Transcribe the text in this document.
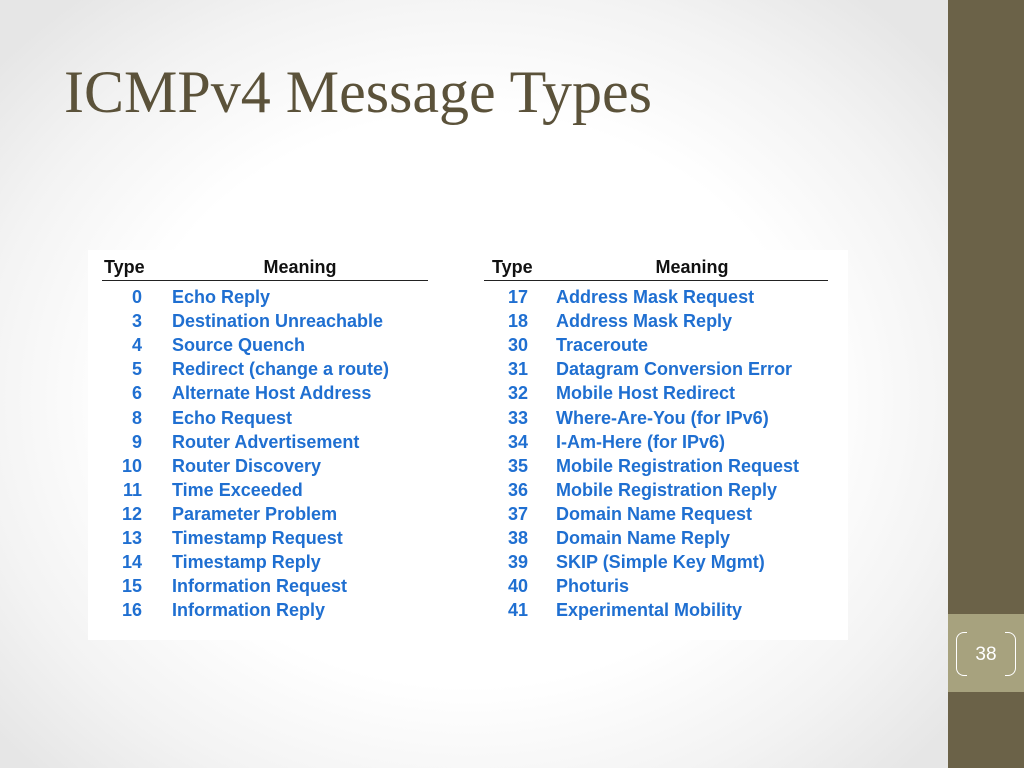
ICMPv4 Message Types
38
Type	Meaning
0	Echo Reply
3	Destination Unreachable
4	Source Quench
5	Redirect (change a route)
6	Alternate Host Address
8	Echo Request
9	Router Advertisement
10	Router Discovery
11	Time Exceeded
12	Parameter Problem
13	Timestamp Request
14	Timestamp Reply
15	Information Request
16	Information Reply
Type	Meaning
17	Address Mask Request
18	Address Mask Reply
30	Traceroute
31	Datagram Conversion Error
32	Mobile Host Redirect
33	Where-Are-You (for IPv6)
34	I-Am-Here (for IPv6)
35	Mobile Registration Request
36	Mobile Registration Reply
37	Domain Name Request
38	Domain Name Reply
39	SKIP (Simple Key Mgmt)
40	Photuris
41	Experimental Mobility
